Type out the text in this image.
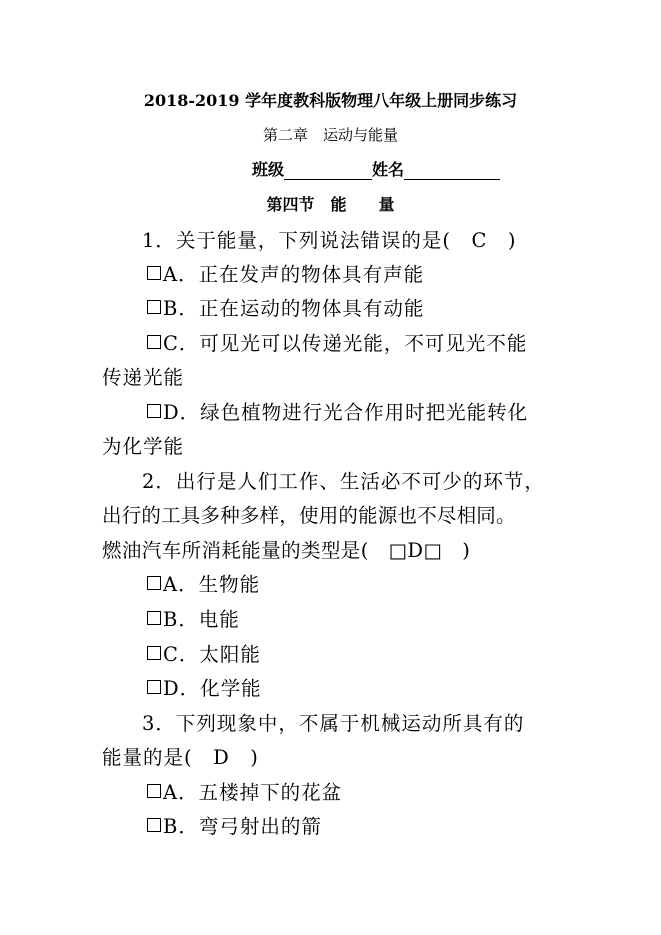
2018-2019 学年度教科版物理八年级上册同步练习
第二章　运动与能量
班级	姓名
第四节　能　　量
1．关于能量，下列说法错误的是(　C　)
A．正在发声的物体具有声能
B．正在运动的物体具有动能
C．可见光可以传递光能，不可见光不能
传递光能
D．绿色植物进行光合作用时把光能转化
为化学能
2．出行是人们工作、生活必不可少的环节，
出行的工具多种多样，使用的能源也不尽相同。
燃油汽车所消耗能量的类型是(　□D□　)
A．生物能
B．电能
C．太阳能
D．化学能
3．下列现象中，不属于机械运动所具有的
能量的是(　D　)
A．五楼掉下的花盆
B．弯弓射出的箭
